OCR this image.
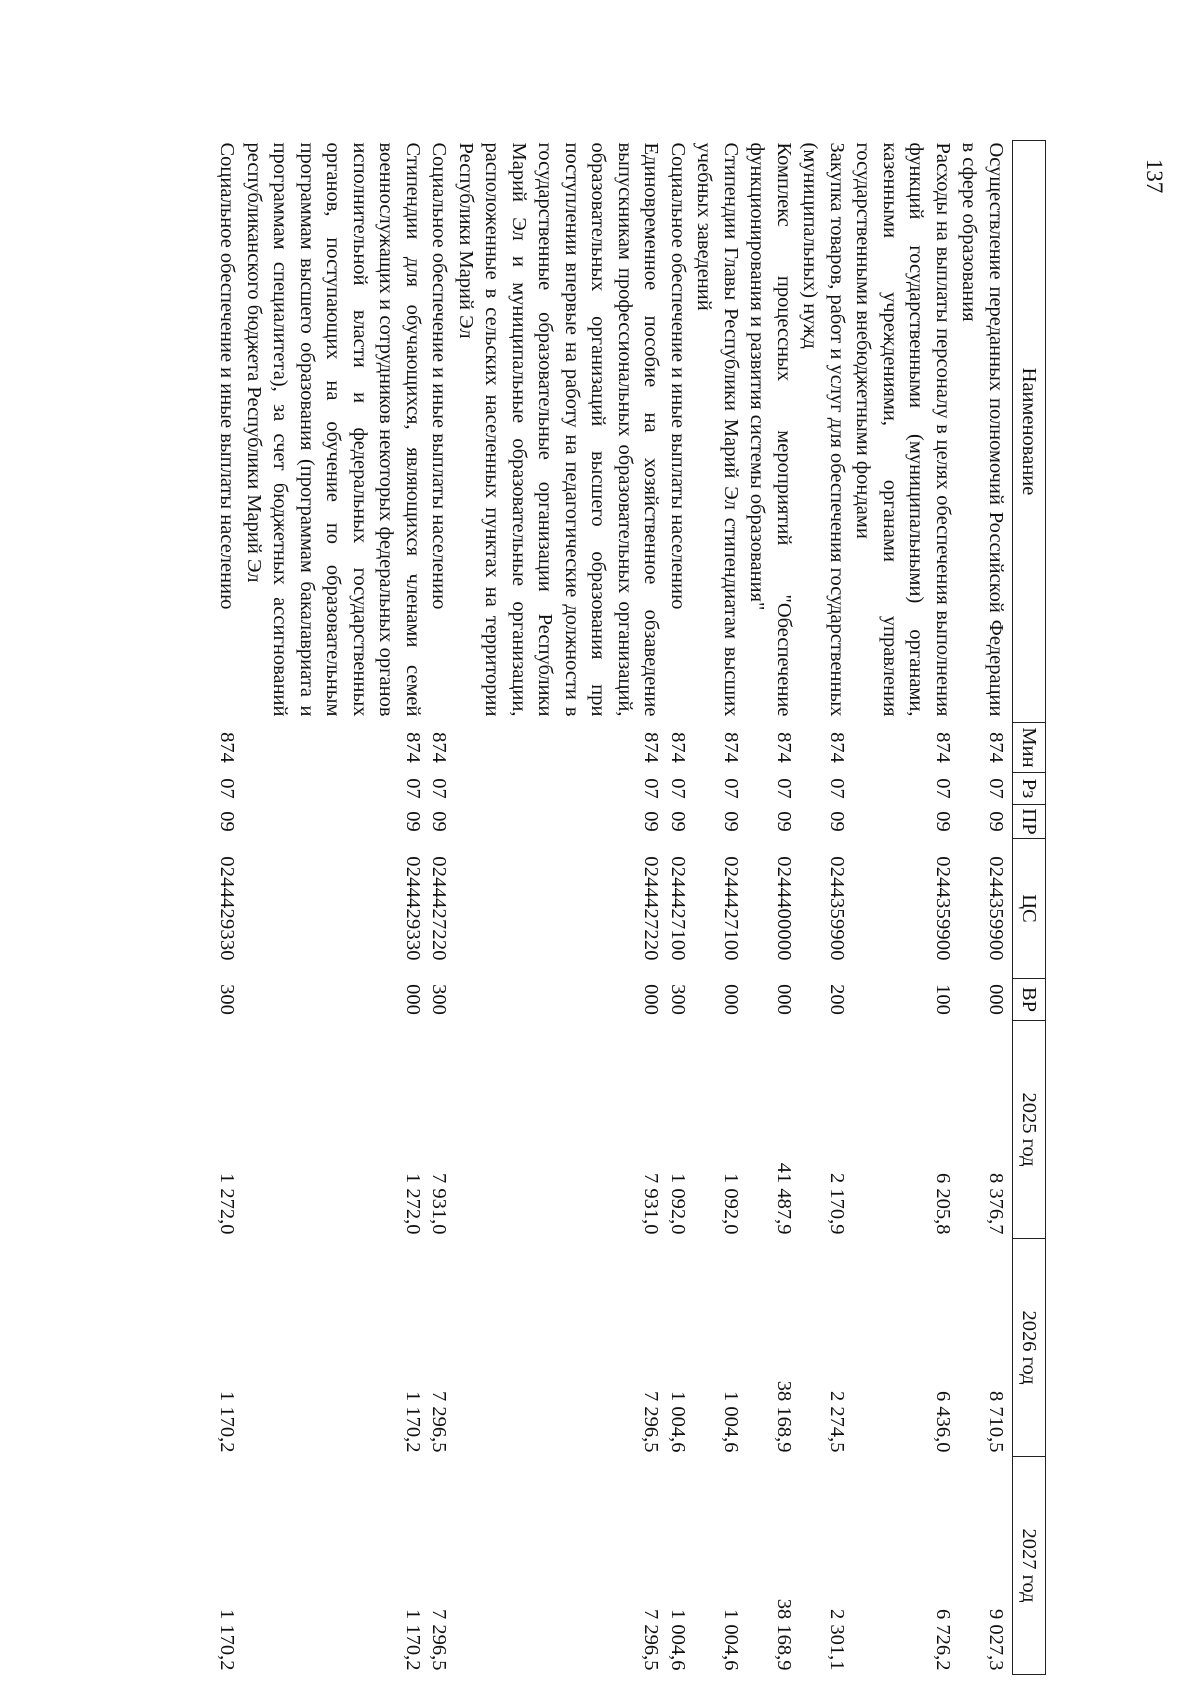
137
Наименование	Мин	Рз	ПР	ЦС	ВР	2025 год	2026 год	2027 год
Осуществление переданных полномочий Российской Федерации в сфере образования	874	07	09	0244359900	000	8 376,7	8 710,5	9 027,3
Расходы на выплаты персоналу в целях обеспечения выполнения функций государственными (муниципальными) органами, казенными учреждениями, органами управления государственными внебюджетными фондами	874	07	09	0244359900	100	6 205,8	6 436,0	6 726,2
Закупка товаров, работ и услуг для обеспечения государственных (муниципальных) нужд	874	07	09	0244359900	200	2 170,9	2 274,5	2 301,1
Комплекс процессных мероприятий "Обеспечение функционирования и развития системы образования"	874	07	09	0244400000	000	41 487,9	38 168,9	38 168,9
Стипендии Главы Республики Марий Эл стипендиатам высших учебных заведений	874	07	09	0244427100	000	1 092,0	1 004,6	1 004,6
Социальное обеспечение и иные выплаты населению	874	07	09	0244427100	300	1 092,0	1 004,6	1 004,6
Единовременное пособие на хозяйственное обзаведение выпускникам профессиональных образовательных организаций, образовательных организаций высшего образования при поступлении впервые на работу на педагогические должности в государственные образовательные организации Республики Марий Эл и муниципальные образовательные организации, расположенные в сельских населенных пунктах на территории Республики Марий Эл	874	07	09	0244427220	000	7 931,0	7 296,5	7 296,5
Социальное обеспечение и иные выплаты населению	874	07	09	0244427220	300	7 931,0	7 296,5	7 296,5
Стипендии для обучающихся, являющихся членами семей военнослужащих и сотрудников некоторых федеральных органов исполнительной власти и федеральных государственных органов, поступающих на обучение по образовательным программам высшего образования (программам бакалавриата и программам специалитета), за счет бюджетных ассигнований республиканского бюджета Республики Марий Эл	874	07	09	0244429330	000	1 272,0	1 170,2	1 170,2
Социальное обеспечение и иные выплаты населению	874	07	09	0244429330	300	1 272,0	1 170,2	1 170,2
